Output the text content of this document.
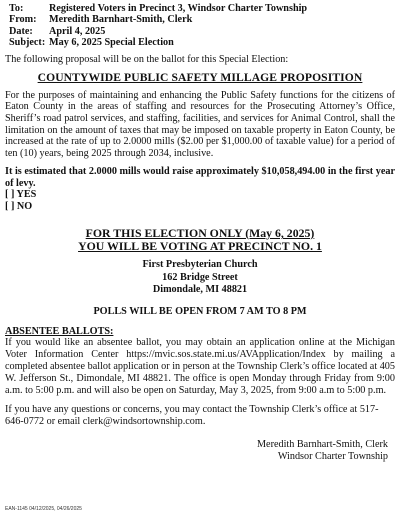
To:	Registered Voters in Precinct 3, Windsor Charter Township
From:	Meredith Barnhart-Smith, Clerk
Date:	April 4, 2025
Subject: May 6, 2025 Special Election
The following proposal will be on the ballot for this Special Election:
COUNTYWIDE PUBLIC SAFETY MILLAGE PROPOSITION
For the purposes of maintaining and enhancing the Public Safety functions for the citizens of Eaton County in the areas of staffing and resources for the Prosecuting Attorney’s Office, Sheriff’s road patrol services, and staffing, facilities, and services for Animal Control, shall the limitation on the amount of taxes that may be imposed on taxable property in Eaton County, be increased at the rate of up to 2.0000 mills ($2.00 per $1,000.00 of taxable value) for a period of ten (10) years, being 2025 through 2034, inclusive.
It is estimated that 2.0000 mills would raise approximately $10,058,494.00 in the first year of levy.
[ ] YES
[ ] NO
FOR THIS ELECTION ONLY (May 6, 2025)
YOU WILL BE VOTING AT PRECINCT NO. 1
First Presbyterian Church
162 Bridge Street
Dimondale, MI 48821
POLLS WILL BE OPEN FROM 7 AM TO 8 PM
ABSENTEE BALLOTS:
If you would like an absentee ballot, you may obtain an application online at the Michigan Voter Information Center https://mvic.sos.state.mi.us/AVApplication/Index by mailing a completed absentee ballot application or in person at the Township Clerk’s office located at 405 W. Jefferson St., Dimondale, MI 48821. The office is open Monday through Friday from 9:00 a.m. to 5:00 p.m. and will also be open on Saturday, May 3, 2025, from 9:00 a.m to 5:00 p.m.
If you have any questions or concerns, you may contact the Township Clerk’s office at 517-646-0772 or email clerk@windsortownship.com.
Meredith Barnhart-Smith, Clerk
Windsor Charter Township
EAN-1145 04/12/2025, 04/26/2025
